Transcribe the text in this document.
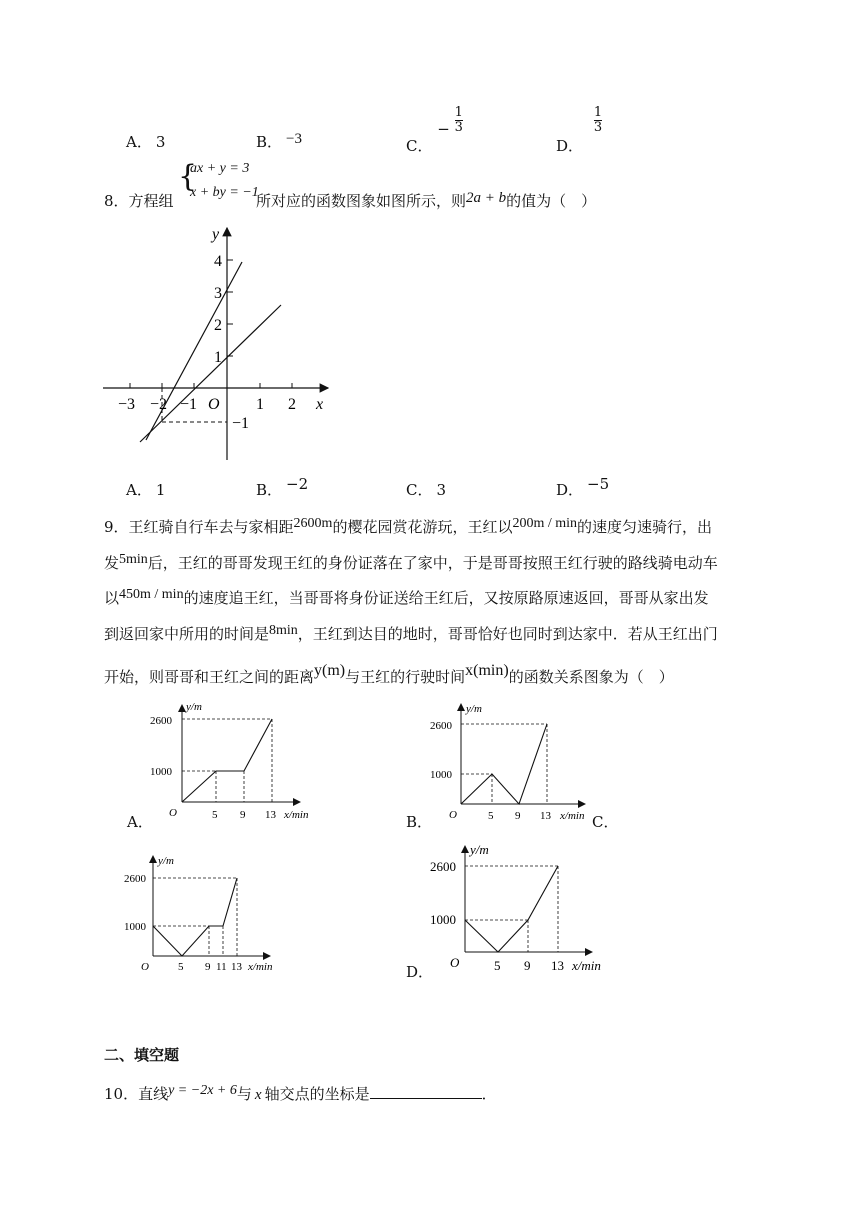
A． 3	B． −3	C． − $\frac{1}{3}$
D．
$\frac{1}{3}$
8．方程组
{
ax + y = 3
x + by = −1
所对应的函数图象如图所示，则2a + b的值为（　）
x
y
O
−3 −2 −1	1 2
4
3
2
1
−1
A． 1	B． −2	C． 3	D． −5
9．王红骑自行车去与家相距2600m的樱花园赏花游玩，王红以200m / min的速度匀速骑行，出
发5min后，王红的哥哥发现王红的身份证落在了家中，于是哥哥按照王红行驶的路线骑电动车
以450m / min的速度追王红，当哥哥将身份证送给王红后，又按原路原速返回，哥哥从家出发
到返回家中所用的时间是8min，王红到达目的地时，哥哥恰好也同时到达家中．若从王红出门
开始，则哥哥和王红之间的距离y(m)与王红的行驶时间x(min)的函数关系图象为（　）
y/m
x/min
O
2600
1000
5 9 13
A．
y/m
x/min
O
2600
1000
5 9 13
B．	C．
y/m
x/min
O
2600
1000
5 9 11 13
y/m
x/min
O
2600
1000
5 9 13
D．
二、填空题
10．直线y = −2x + 6与 x 轴交点的坐标是	．
